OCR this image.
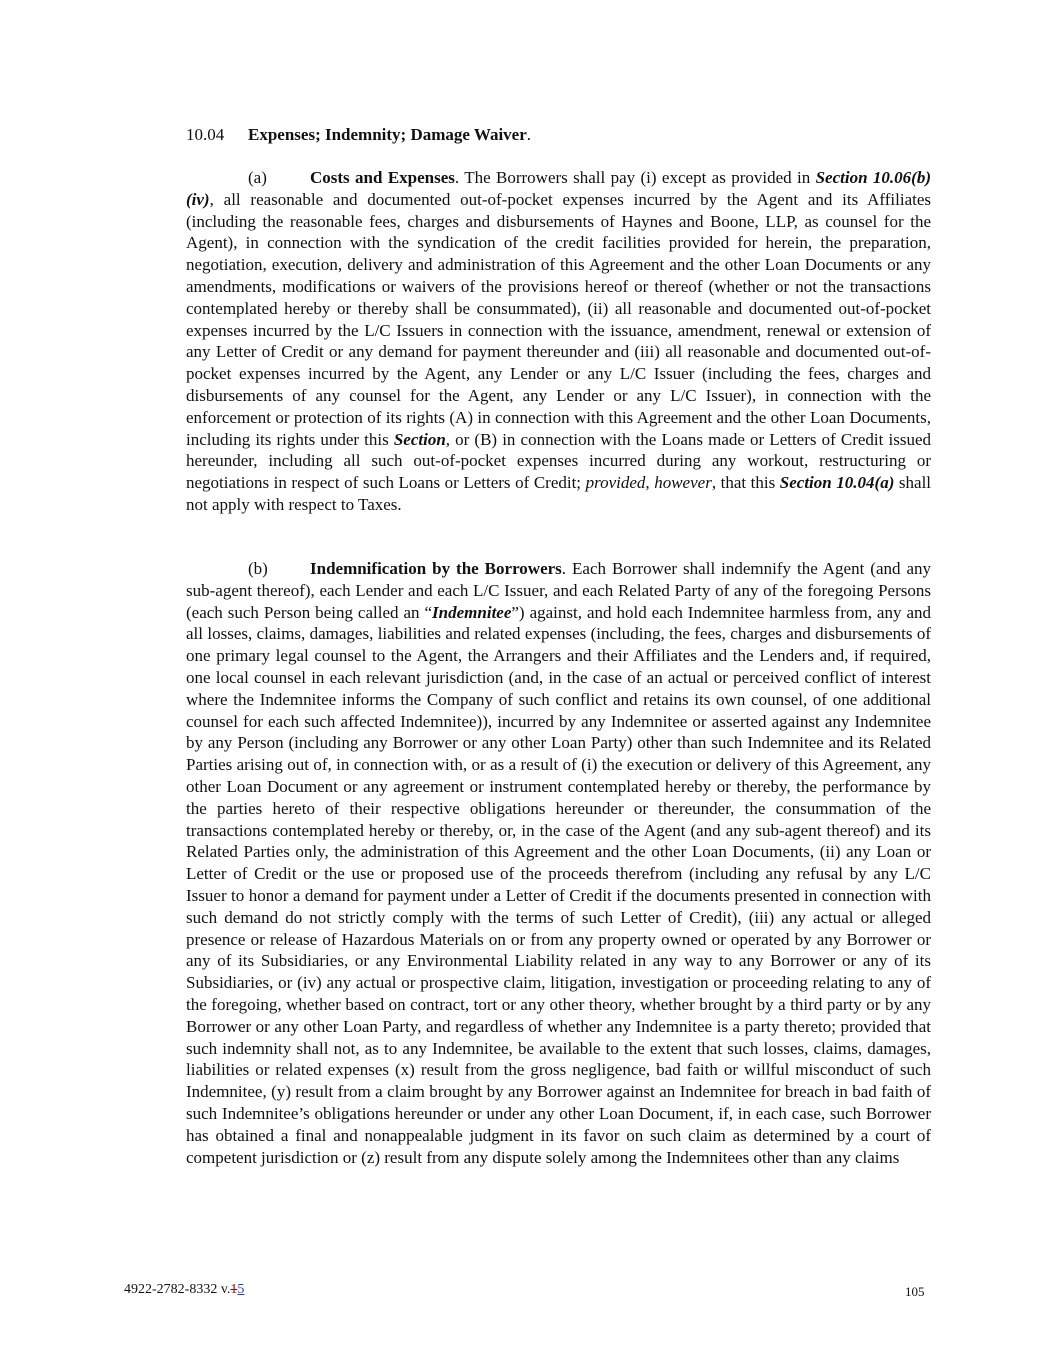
10.04 Expenses; Indemnity; Damage Waiver.

(a)	Costs and Expenses. The Borrowers shall pay (i) except as provided in Section 10.06(b)(iv), all reasonable and documented out-of-pocket expenses incurred by the Agent and its Affiliates (including the reasonable fees, charges and disbursements of Haynes and Boone, LLP, as counsel for the Agent), in connection with the syndication of the credit facilities provided for herein, the preparation, negotiation, execution, delivery and administration of this Agreement and the other Loan Documents or any amendments, modifications or waivers of the provisions hereof or thereof (whether or not the transactions contemplated hereby or thereby shall be consummated), (ii) all reasonable and documented out-of-pocket expenses incurred by the L/C Issuers in connection with the issuance, amendment, renewal or extension of any Letter of Credit or any demand for payment thereunder and (iii) all reasonable and documented out-of-pocket expenses incurred by the Agent, any Lender or any L/C Issuer (including the fees, charges and disbursements of any counsel for the Agent, any Lender or any L/C Issuer), in connection with the enforcement or protection of its rights (A) in connection with this Agreement and the other Loan Documents, including its rights under this Section, or (B) in connection with the Loans made or Letters of Credit issued hereunder, including all such out-of-pocket expenses incurred during any workout, restructuring or negotiations in respect of such Loans or Letters of Credit; provided, however, that this Section 10.04(a) shall not apply with respect to Taxes.

(b) Indemnification by the Borrowers. Each Borrower shall indemnify the Agent (and any sub-agent thereof), each Lender and each L/C Issuer, and each Related Party of any of the foregoing Persons (each such Person being called an “Indemnitee”) against, and hold each Indemnitee harmless from, any and all losses, claims, damages, liabilities and related expenses (including, the fees, charges and disbursements of one primary legal counsel to the Agent, the Arrangers and their Affiliates and the Lenders and, if required, one local counsel in each relevant jurisdiction (and, in the case of an actual or perceived conflict of interest where the Indemnitee informs the Company of such conflict and retains its own counsel, of one additional counsel for each such affected Indemnitee)), incurred by any Indemnitee or asserted against any Indemnitee by any Person (including any Borrower or any other Loan Party) other than such Indemnitee and its Related Parties arising out of, in connection with, or as a result of (i) the execution or delivery of this Agreement, any other Loan Document or any agreement or instrument contemplated hereby or thereby, the performance by the parties hereto of their respective obligations hereunder or thereunder, the consummation of the transactions contemplated hereby or thereby, or, in the case of the Agent (and any sub-agent thereof) and its Related Parties only, the administration of this Agreement and the other Loan Documents, (ii) any Loan or Letter of Credit or the use or proposed use of the proceeds therefrom (including any refusal by any L/C Issuer to honor a demand for payment under a Letter of Credit if the documents presented in connection with such demand do not strictly comply with the terms of such Letter of Credit), (iii) any actual or alleged presence or release of Hazardous Materials on or from any property owned or operated by any Borrower or any of its Subsidiaries, or any Environmental Liability related in any way to any Borrower or any of its Subsidiaries, or (iv) any actual or prospective claim, litigation, investigation or proceeding relating to any of the foregoing, whether based on contract, tort or any other theory, whether brought by a third party or by any Borrower or any other Loan Party, and regardless of whether any Indemnitee is a party thereto; provided that such indemnity shall not, as to any Indemnitee, be available to the extent that such losses, claims, damages, liabilities or related expenses (x) result from the gross negligence, bad faith or willful misconduct of such Indemnitee, (y) result from a claim brought by any Borrower against an Indemnitee for breach in bad faith of such Indemnitee’s obligations hereunder or under any other Loan Document, if, in each case, such Borrower has obtained a final and nonappealable judgment in its favor on such claim as determined by a court of competent jurisdiction or (z) result from any dispute solely among the Indemnitees other than any claims

4922-2782-8332 v.15	105
